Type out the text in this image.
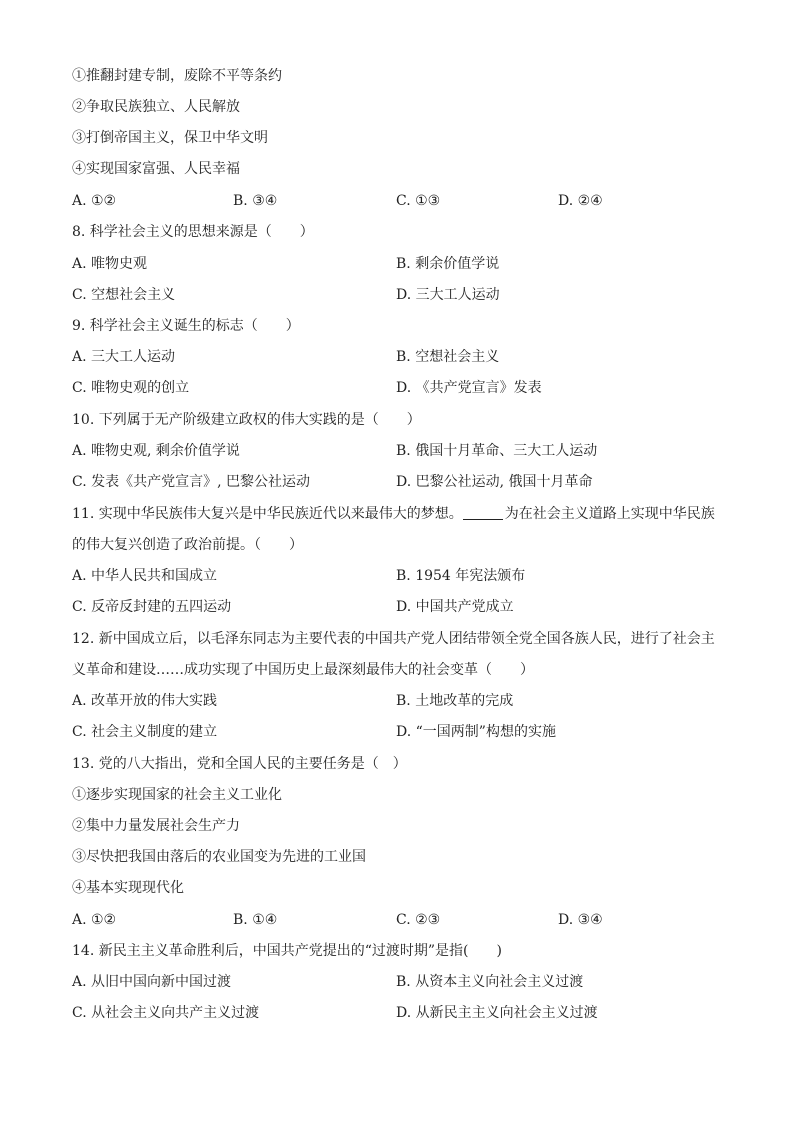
①推翻封建专制，废除不平等条约
②争取民族独立、人民解放
③打倒帝国主义，保卫中华文明
④实现国家富强、人民幸福
A. ①②	B. ③④	C. ①③	D. ②④
8. 科学社会主义的思想来源是（　　）
A. 唯物史观	B. 剩余价值学说
C. 空想社会主义	D. 三大工人运动
9. 科学社会主义诞生的标志（　　）
A. 三大工人运动	B. 空想社会主义
C. 唯物史观的创立	D. 《共产党宣言》发表
10. 下列属于无产阶级建立政权的伟大实践的是（　　）
A. 唯物史观, 剩余价值学说	B. 俄国十月革命、三大工人运动
C. 发表《共产党宣言》, 巴黎公社运动	D. 巴黎公社运动, 俄国十月革命
11. 实现中华民族伟大复兴是中华民族近代以来最伟大的梦想。	为在社会主义道路上实现中华民族
的伟大复兴创造了政治前提。（　　）
A. 中华人民共和国成立	B. 1954 年宪法颁布
C. 反帝反封建的五四运动	D. 中国共产党成立
12. 新中国成立后，以毛泽东同志为主要代表的中国共产党人团结带领全党全国各族人民，进行了社会主
义革命和建设……成功实现了中国历史上最深刻最伟大的社会变革（　　）
A. 改革开放的伟大实践	B. 土地改革的完成
C. 社会主义制度的建立	D. “一国两制”构想的实施
13. 党的八大指出，党和全国人民的主要任务是（　）
①逐步实现国家的社会主义工业化
②集中力量发展社会生产力
③尽快把我国由落后的农业国变为先进的工业国
④基本实现现代化
A. ①②	B. ①④	C. ②③	D. ③④
14. 新民主主义革命胜利后，中国共产党提出的“过渡时期”是指(　　)
A. 从旧中国向新中国过渡	B. 从资本主义向社会主义过渡
C. 从社会主义向共产主义过渡	D. 从新民主主义向社会主义过渡
